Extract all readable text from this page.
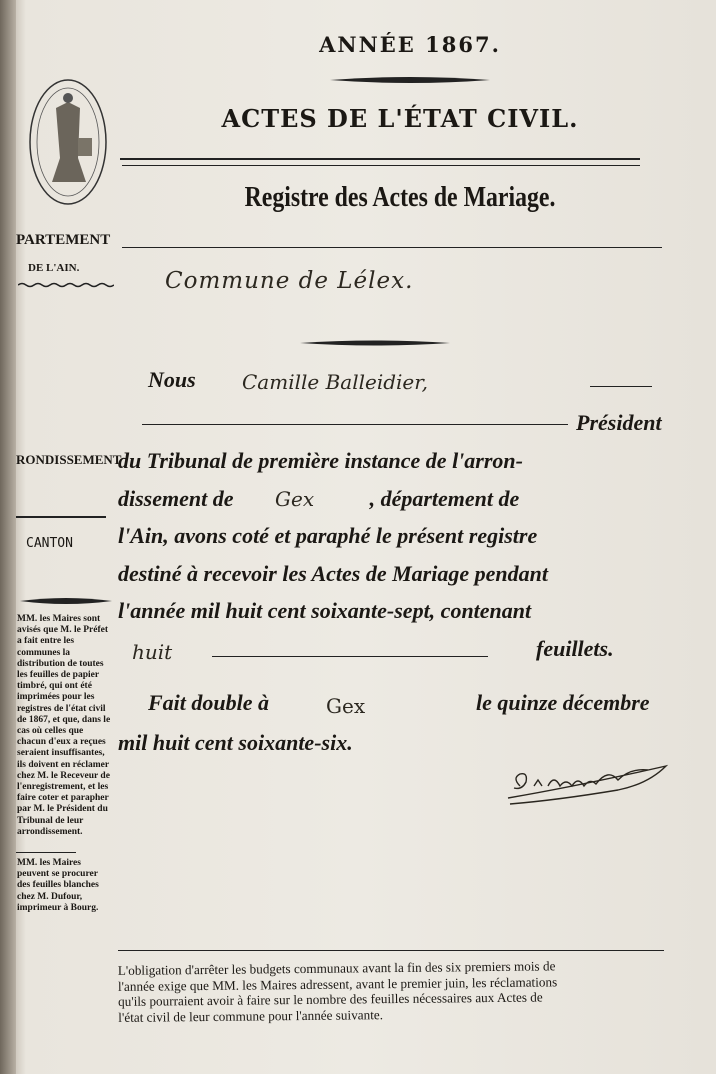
ANNÉE 1867.
ACTES DE L'ÉTAT CIVIL.
Registre des Actes de Mariage.
PARTEMENT
DE L'AIN.
RONDISSEMENT
CANTON
MM. les Maires sont avisés que M. le Préfet a fait entre les communes la distribution de toutes les feuilles de papier timbré, qui ont été imprimées pour les registres de l'état civil de 1867, et que, dans le cas où celles que chacun d'eux a reçues seraient insuffisantes, ils doivent en réclamer chez M. le Receveur de l'enregistrement, et les faire coter et parapher par M. le Président du Tribunal de leur arrondissement.
MM. les Maires peuvent se procurer des feuilles blanches chez M. Dufour, imprimeur à Bourg.
Commune de Lélex.
Nous Camille Balleidier,
Président
du Tribunal de première instance de l'arron-
dissement de Gex	, département de
l'Ain, avons coté et paraphé le présent registre
destiné à recevoir les Actes de Mariage pendant
l'année mil huit cent soixante-sept, contenant
huit	feuillets.
Fait double à	Gex	le quinze décembre
mil huit cent soixante-six.
L'obligation d'arrêter les budgets communaux avant la fin des six premiers mois de
l'année exige que MM. les Maires adressent, avant le premier juin, les réclamations
qu'ils pourraient avoir à faire sur le nombre des feuilles nécessaires aux Actes de
l'état civil de leur commune pour l'année suivante.
